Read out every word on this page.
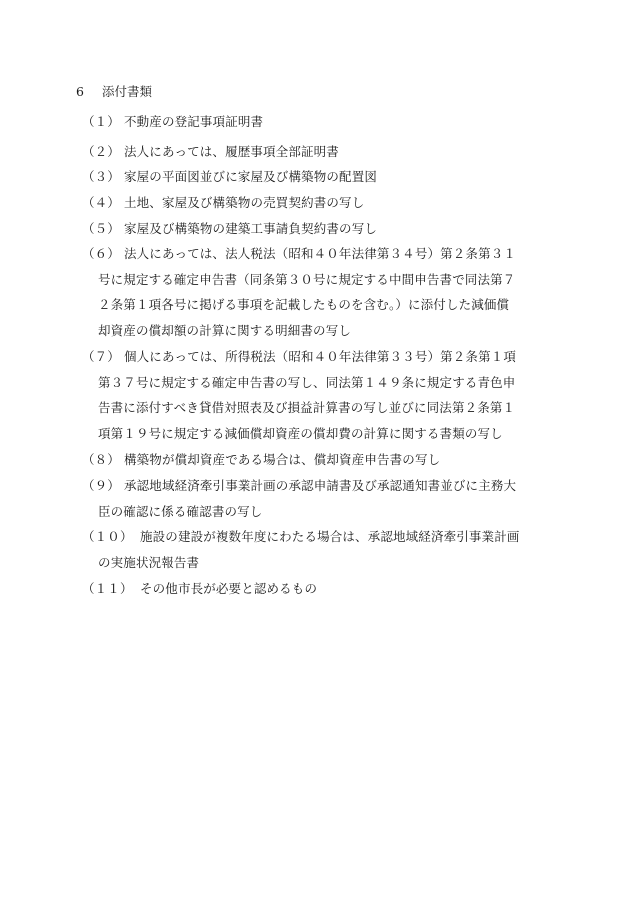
6 添付書類
（１） 不動産の登記事項証明書
（２） 法人にあっては、履歴事項全部証明書
（３） 家屋の平面図並びに家屋及び構築物の配置図
（４） 土地、家屋及び構築物の売買契約書の写し
（５） 家屋及び構築物の建築工事請負契約書の写し
（６） 法人にあっては、法人税法（昭和４０年法律第３４号）第２条第３１
号に規定する確定申告書（同条第３０号に規定する中間申告書で同法第７
２条第１項各号に掲げる事項を記載したものを含む。）に添付した減価償
却資産の償却額の計算に関する明細書の写し
（７） 個人にあっては、所得税法（昭和４０年法律第３３号）第２条第１項
第３７号に規定する確定申告書の写し、同法第１４９条に規定する青色申
告書に添付すべき貸借対照表及び損益計算書の写し並びに同法第２条第１
項第１９号に規定する減価償却資産の償却費の計算に関する書類の写し
（８） 構築物が償却資産である場合は、償却資産申告書の写し
（９） 承認地域経済牽引事業計画の承認申請書及び承認通知書並びに主務大
臣の確認に係る確認書の写し
（１０） 施設の建設が複数年度にわたる場合は、承認地域経済牽引事業計画
の実施状況報告書
（１１） その他市長が必要と認めるもの
